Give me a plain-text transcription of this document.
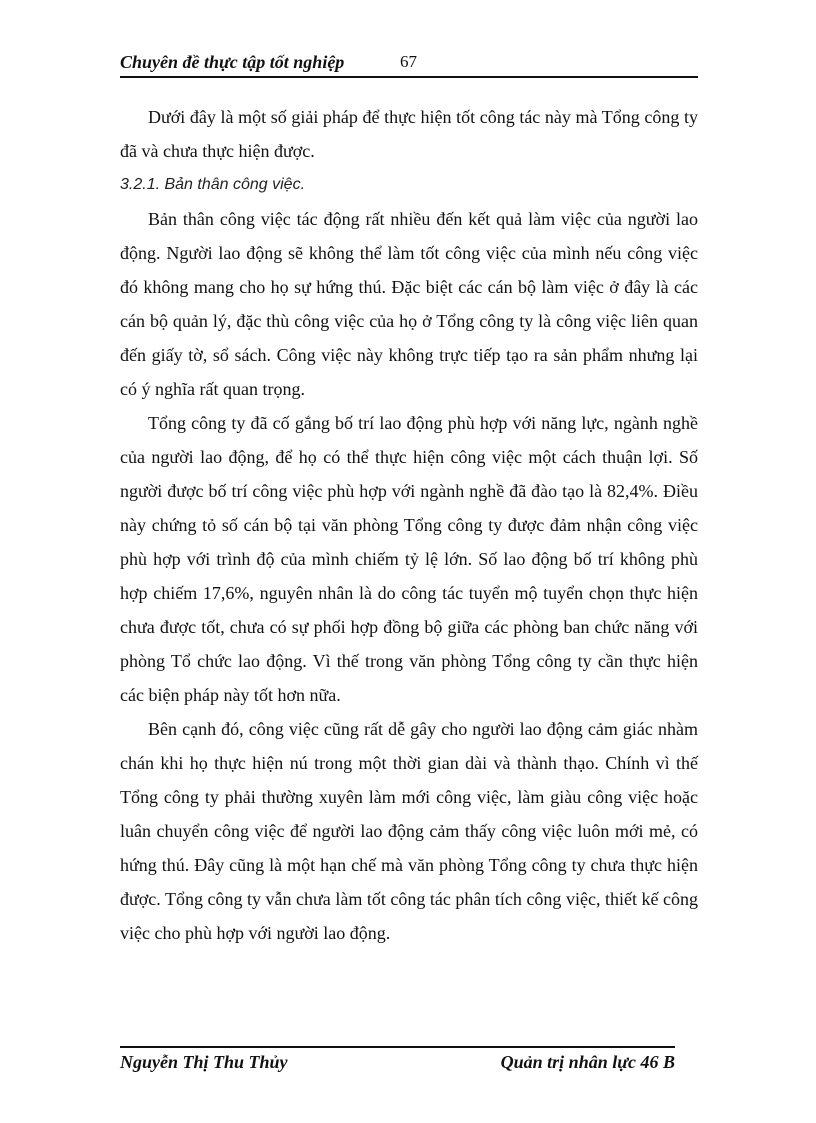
Chuyên đề thực tập tốt nghiệp	67

Dưới đây là một số giải pháp để thực hiện tốt công tác này mà Tổng công ty đã và chưa thực hiện được.

3.2.1. Bản thân công việc.

Bản thân công việc tác động rất nhiều đến kết quả làm việc của người lao động. Người lao động sẽ không thể làm tốt công việc của mình nếu công việc đó không mang cho họ sự hứng thú. Đặc biệt các cán bộ làm việc ở đây là các cán bộ quản lý, đặc thù công việc của họ ở Tổng công ty là công việc liên quan đến giấy tờ, sổ sách. Công việc này không trực tiếp tạo ra sản phẩm nhưng lại có ý nghĩa rất quan trọng.

Tổng công ty đã cố gắng bố trí lao động phù hợp với năng lực, ngành nghề của người lao động, để họ có thể thực hiện công việc một cách thuận lợi. Số người được bố trí công việc phù hợp với ngành nghề đã đào tạo là 82,4%. Điều này chứng tỏ số cán bộ tại văn phòng Tổng công ty được đảm nhận công việc phù hợp với trình độ của mình chiếm tỷ lệ lớn. Số lao động bố trí không phù hợp chiếm 17,6%, nguyên nhân là do công tác tuyển mộ tuyển chọn thực hiện chưa được tốt, chưa có sự phối hợp đồng bộ giữa các phòng ban chức năng với phòng Tổ chức lao động. Vì thế trong văn phòng Tổng công ty cần thực hiện các biện pháp này tốt hơn nữa.

Bên cạnh đó, công việc cũng rất dễ gây cho người lao động cảm giác nhàm chán khi họ thực hiện nú trong một thời gian dài và thành thạo. Chính vì thế Tổng công ty phải thường xuyên làm mới công việc, làm giàu công việc hoặc luân chuyển công việc để người lao động cảm thấy công việc luôn mới mẻ, có hứng thú. Đây cũng là một hạn chế mà văn phòng Tổng công ty chưa thực hiện được. Tổng công ty vẫn chưa làm tốt công tác phân tích công việc, thiết kế công việc cho phù hợp với người lao động.

Nguyễn Thị Thu Thủy	Quản trị nhân lực 46 B
